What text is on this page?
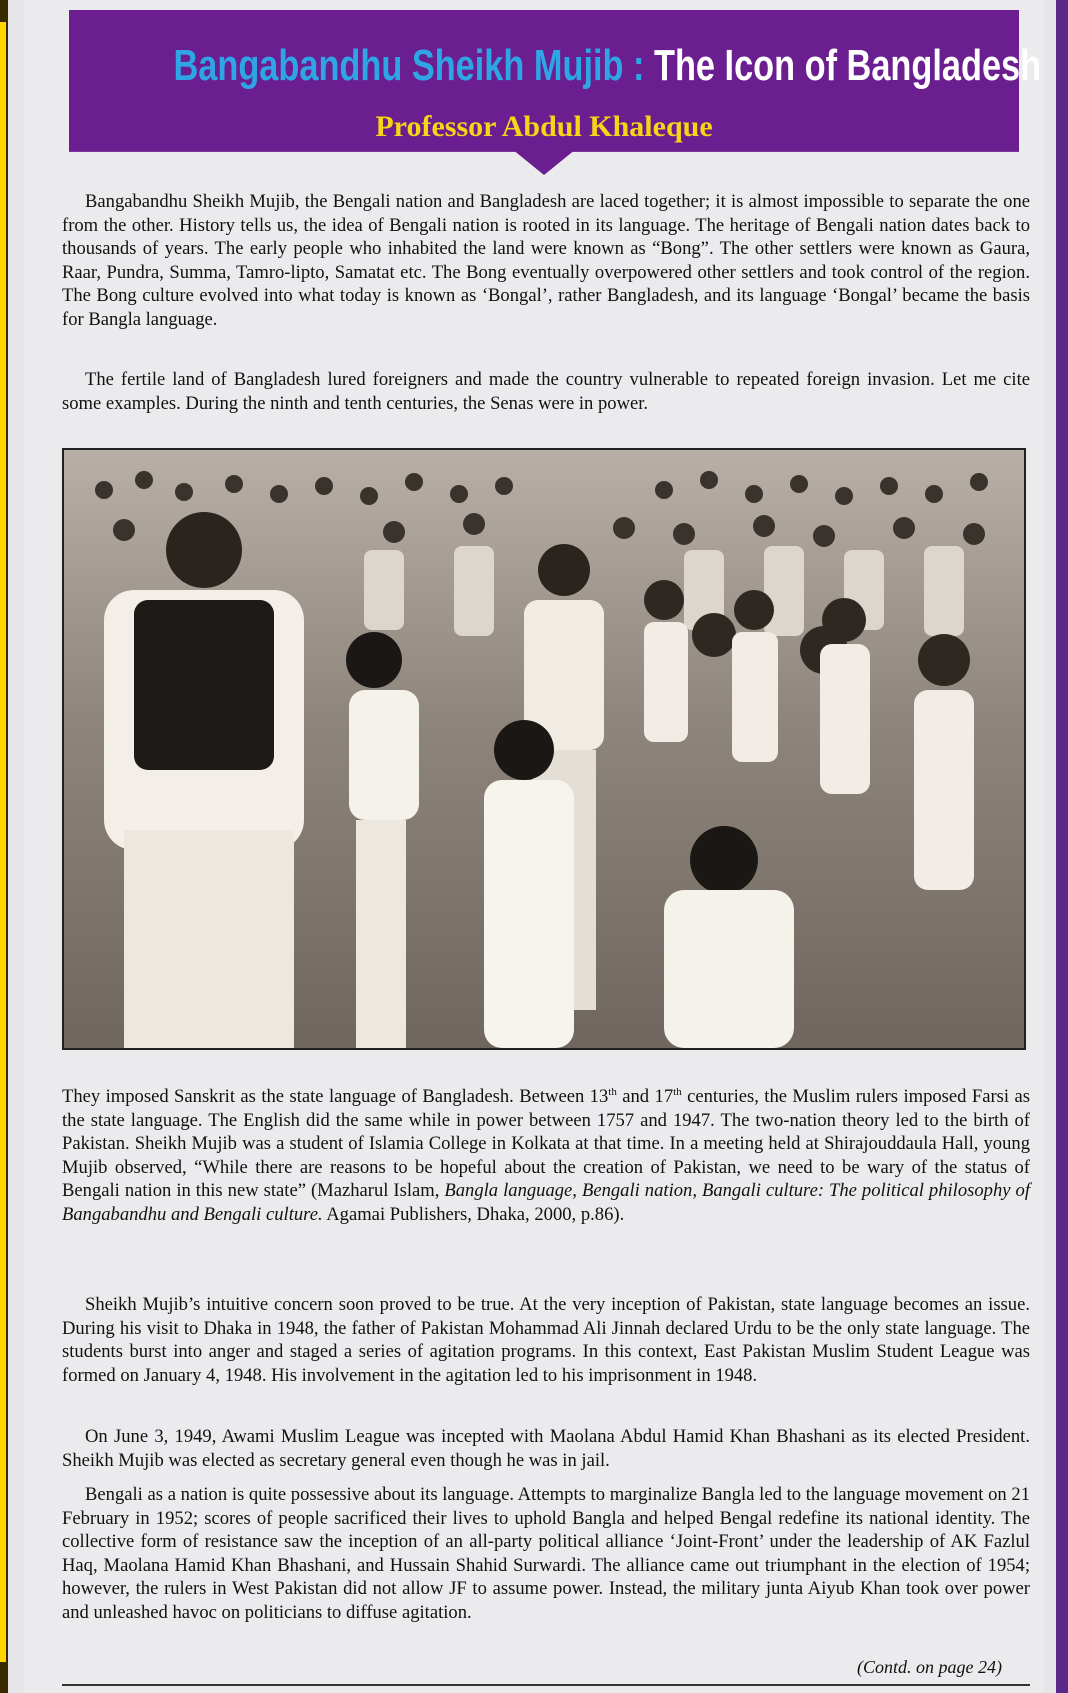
Bangabandhu Sheikh Mujib : The Icon of Bangladesh
Professor Abdul Khaleque

Bangabandhu Sheikh Mujib, the Bengali nation and Bangladesh are laced together; it is almost impossible to separate the one from the other. History tells us, the idea of Bengali nation is rooted in its language. The heritage of Bengali nation dates back to thousands of years. The early people who inhabited the land were known as “Bong”. The other settlers were known as Gaura, Raar, Pundra, Summa, Tamro-lipto, Samatat etc. The Bong eventually overpowered other settlers and took control of the region. The Bong culture evolved into what today is known as ‘Bongal’, rather Bangladesh, and its language ‘Bongal’ became the basis for Bangla language.

The fertile land of Bangladesh lured foreigners and made the country vulnerable to repeated foreign invasion. Let me cite some examples. During the ninth and tenth centuries, the Senas were in power.

They imposed Sanskrit as the state language of Bangladesh. Between 13th and 17th centuries, the Muslim rulers imposed Farsi as the state language. The English did the same while in power between 1757 and 1947. The two-nation theory led to the birth of Pakistan. Sheikh Mujib was a student of Islamia College in Kolkata at that time. In a meeting held at Shirajouddaula Hall, young Mujib observed, “While there are reasons to be hopeful about the creation of Pakistan, we need to be wary of the status of Bengali nation in this new state” (Mazharul Islam, Bangla language, Bengali nation, Bangali culture: The political philosophy of Bangabandhu and Bengali culture. Agamai Publishers, Dhaka, 2000, p.86).

Sheikh Mujib’s intuitive concern soon proved to be true. At the very inception of Pakistan, state language becomes an issue. During his visit to Dhaka in 1948, the father of Pakistan Mohammad Ali Jinnah declared Urdu to be the only state language. The students burst into anger and staged a series of agitation programs. In this context, East Pakistan Muslim Student League was formed on January 4, 1948. His involvement in the agitation led to his imprisonment in 1948.

On June 3, 1949, Awami Muslim League was incepted with Maolana Abdul Hamid Khan Bhashani as its elected President. Sheikh Mujib was elected as secretary general even though he was in jail.

Bengali as a nation is quite possessive about its language. Attempts to marginalize Bangla led to the language movement on 21 February in 1952; scores of people sacrificed their lives to uphold Bangla and helped Bengal redefine its national identity. The collective form of resistance saw the inception of an all-party political alliance ‘Joint-Front’ under the leadership of AK Fazlul Haq, Maolana Hamid Khan Bhashani, and Hussain Shahid Surwardi. The alliance came out triumphant in the election of 1954; however, the rulers in West Pakistan did not allow JF to assume power. Instead, the military junta Aiyub Khan took over power and unleashed havoc on politicians to diffuse agitation.

(Contd. on page 24)
